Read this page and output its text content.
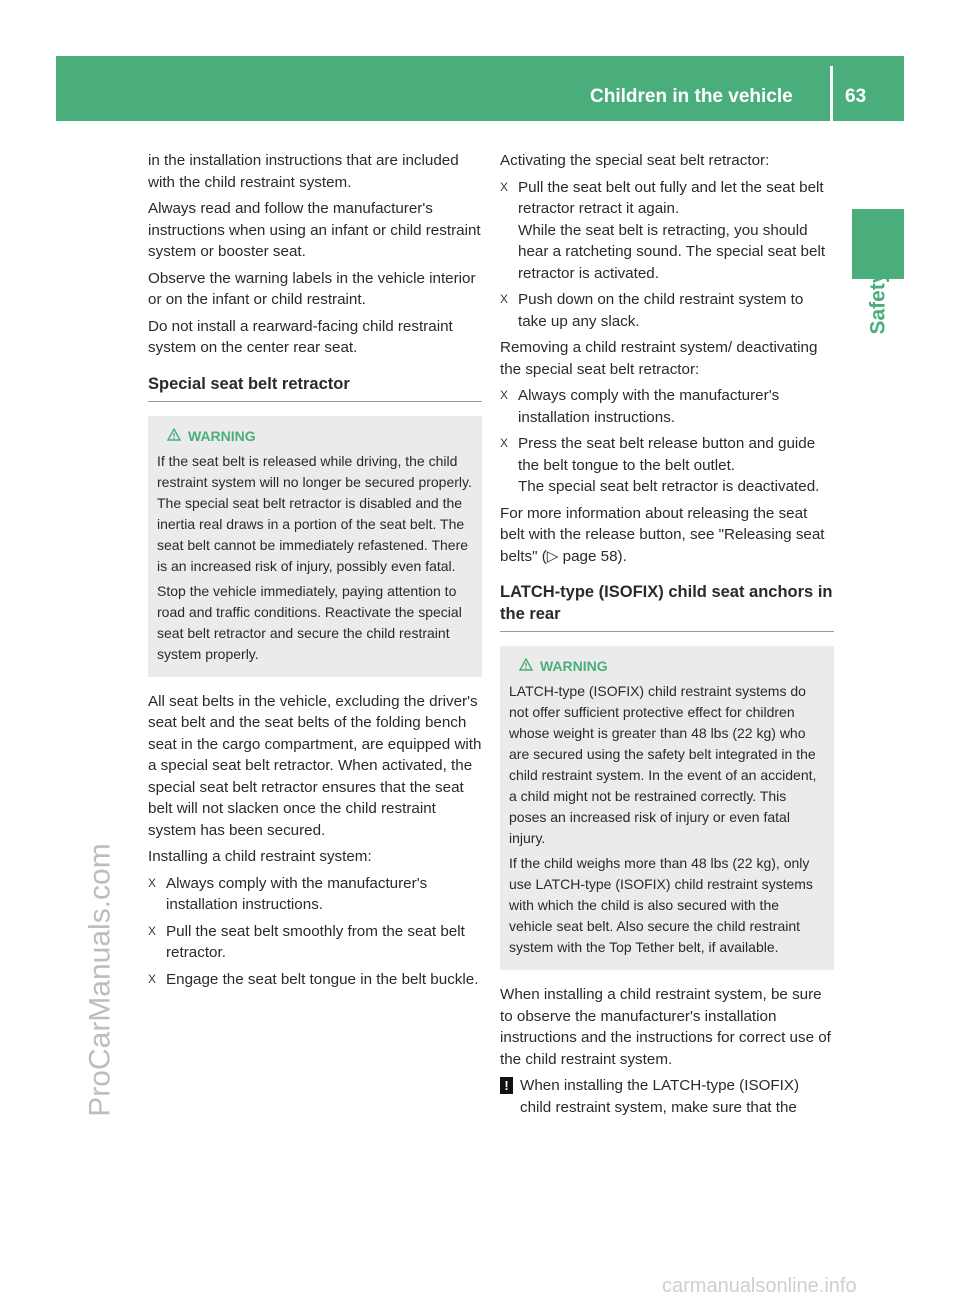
Children in the vehicle	63
Safety
ProCarManuals.com
carmanualsonline.info

in the installation instructions that are included with the child restraint system.

Always read and follow the manufacturer's instructions when using an infant or child restraint system or booster seat.

Observe the warning labels in the vehicle interior or on the infant or child restraint.

Do not install a rearward-facing child restraint system on the center rear seat.

Special seat belt retractor
WARNING

If the seat belt is released while driving, the child restraint system will no longer be secured properly. The special seat belt retractor is disabled and the inertia real draws in a portion of the seat belt. The seat belt cannot be immediately refastened. There is an increased risk of injury, possibly even fatal.

Stop the vehicle immediately, paying attention to road and traffic conditions. Reactivate the special seat belt retractor and secure the child restraint system properly.

All seat belts in the vehicle, excluding the driver's seat belt and the seat belts of the folding bench seat in the cargo compartment, are equipped with a special seat belt retractor. When activated, the special seat belt retractor ensures that the seat belt will not slacken once the child restraint system has been secured.

Installing a child restraint system:

X Always comply with the manufacturer's installation instructions.
X Pull the seat belt smoothly from the seat belt retractor.
X Engage the seat belt tongue in the belt buckle.

Activating the special seat belt retractor:

X Pull the seat belt out fully and let the seat belt retractor retract it again.
While the seat belt is retracting, you should hear a ratcheting sound. The special seat belt retractor is activated.
X Push down on the child restraint system to take up any slack.

Removing a child restraint system/ deactivating the special seat belt retractor:

X Always comply with the manufacturer's installation instructions.
X Press the seat belt release button and guide the belt tongue to the belt outlet.
The special seat belt retractor is deactivated.

For more information about releasing the seat belt with the release button, see "Releasing seat belts" (▷ page 58).

LATCH-type (ISOFIX) child seat anchors in the rear
WARNING

LATCH-type (ISOFIX) child restraint systems do not offer sufficient protective effect for children whose weight is greater than 48 lbs (22 kg) who are secured using the safety belt integrated in the child restraint system. In the event of an accident, a child might not be restrained correctly. This poses an increased risk of injury or even fatal injury.

If the child weighs more than 48 lbs (22 kg), only use LATCH-type (ISOFIX) child restraint systems with which the child is also secured with the vehicle seat belt. Also secure the child restraint system with the Top Tether belt, if available.

When installing a child restraint system, be sure to observe the manufacturer's installation instructions and the instructions for correct use of the child restraint system.

! When installing the LATCH-type (ISOFIX) child restraint system, make sure that the
